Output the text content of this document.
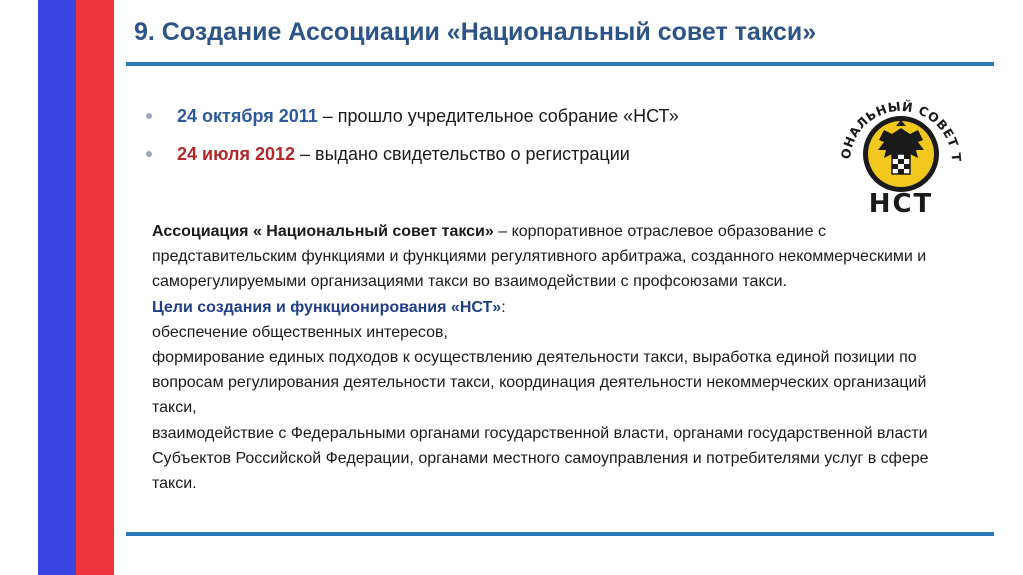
9. Создание Ассоциации «Национальный совет такси»
24 октября 2011 – прошло учредительное собрание «НСТ»
24 июля 2012 – выдано свидетельство о регистрации	ОНАЛЬНЫЙ СОВЕТ Т
НСТ

Ассоциация « Национальный совет такси» – корпоративное отраслевое образование с представительским функциями и функциями регулятивного арбитража, созданного некоммерческими и саморегулируемыми организациями такси во взаимодействии с профсоюзами такси.

Цели создания и функционирования «НСТ»:

обеспечение общественных интересов,

формирование единых подходов к осуществлению деятельности такси, выработка единой позиции по вопросам регулирования деятельности такси, координация деятельности некоммерческих организаций такси,

взаимодействие с Федеральными органами государственной власти, органами государственной власти Субъектов Российской Федерации, органами местного самоуправления и потребителями услуг в сфере такси.
